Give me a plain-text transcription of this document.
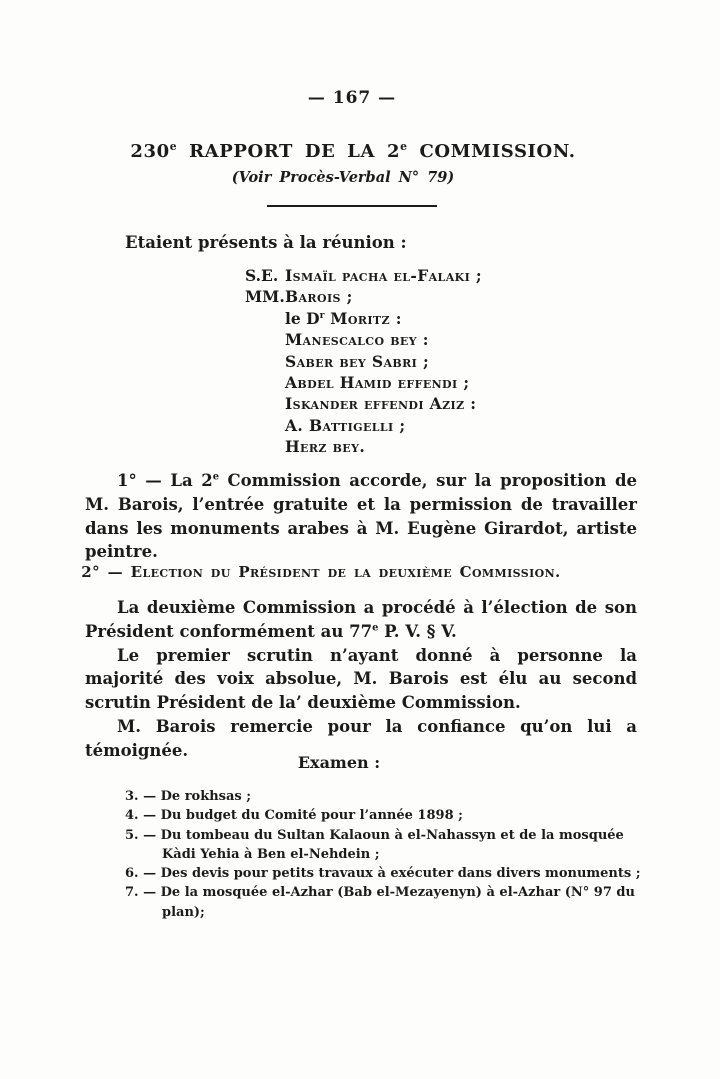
— 167 —
230e RAPPORT DE LA 2e COMMISSION.
(Voir Procès-Verbal N° 79)
Etaient présents à la réunion :
S.E. Ismaïl pacha el-Falaki ;
MM.Barois ;
le $D^r$ Moritz :
Manescalco bey :
Saber bey Sabri ;
Abdel Hamid effendi ;
Iskander effendi Aziz :
A. Battigelli ;
Herz bey.
1° — La 2e Commission accorde, sur la proposition de M. Barois, l’entrée gratuite et la permission de travailler dans les monuments arabes à M. Eugène Girardot, artiste peintre.
2° — Election du Président de la deuxième Commission.

La deuxième Commission a procédé à l’élection de son Président conformément au 77e P. V. § V.

Le premier scrutin n’ayant donné à personne la majorité des voix absolue, M. Barois est élu au second scrutin Président de la’ deuxième Commission.

M. Barois remercie pour la confiance qu’on lui a témoignée.

Examen :
3. — De rokhsas ;
4. — Du budget du Comité pour l’année 1898 ;
5. — Du tombeau du Sultan Kalaoun à el-Nahassyn et de la mosquée Kàdi Yehia à Ben el-Nehdein ;
6. — Des devis pour petits travaux à exécuter dans divers monuments ;
7. — De la mosquée el-Azhar (Bab el-Mezayenyn) à el-Azhar (N° 97 du plan);
